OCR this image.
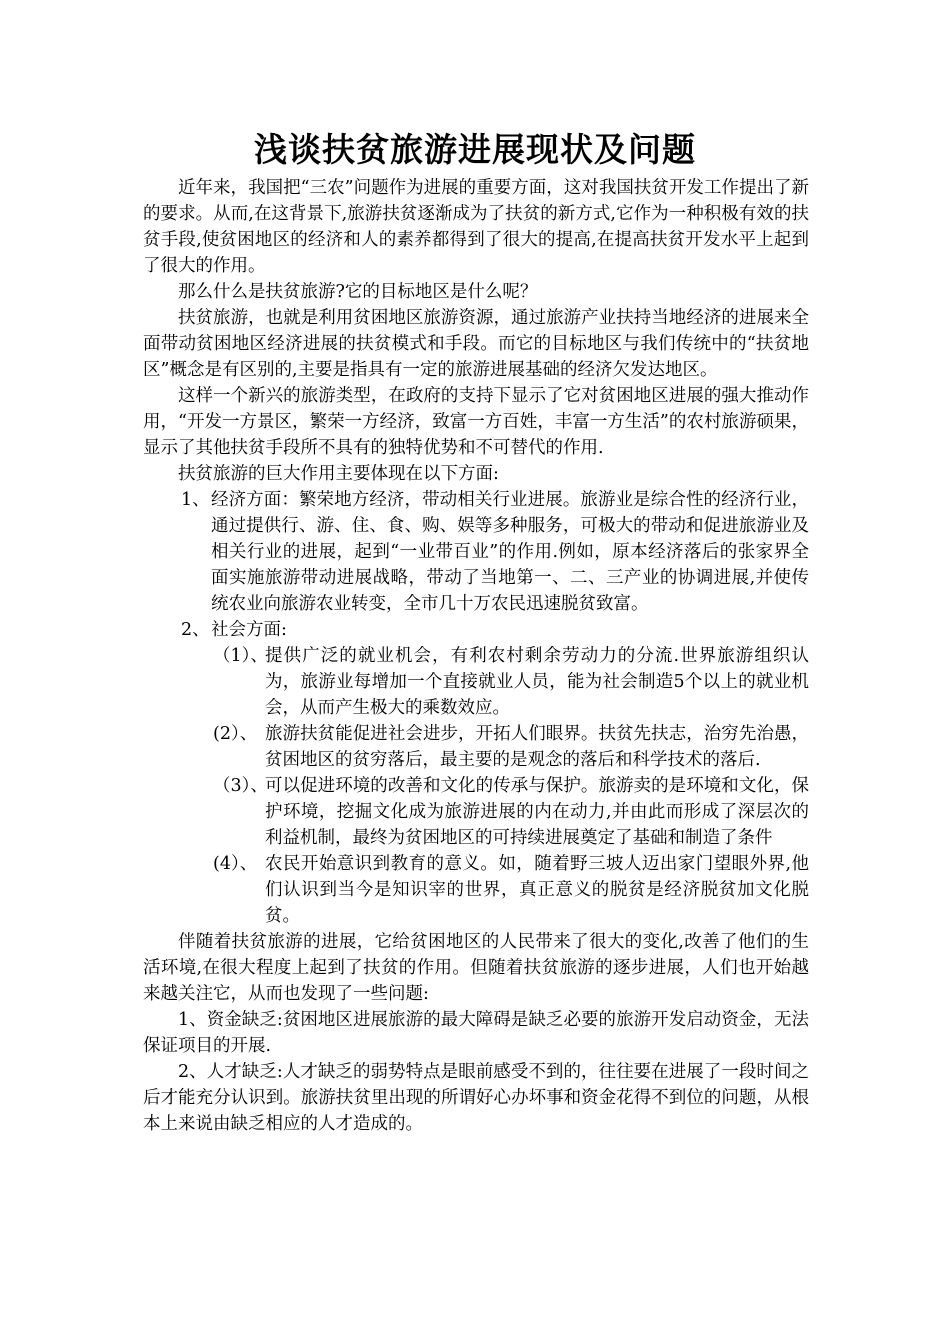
浅谈扶贫旅游进展现状及问题

近年来，我国把“三农”问题作为进展的重要方面，这对我国扶贫开发工作提出了新的要求。从而,在这背景下,旅游扶贫逐渐成为了扶贫的新方式,它作为一种积极有效的扶贫手段,使贫困地区的经济和人的素养都得到了很大的提高,在提高扶贫开发水平上起到了很大的作用。

那么什么是扶贫旅游?它的目标地区是什么呢？

扶贫旅游，也就是利用贫困地区旅游资源，通过旅游产业扶持当地经济的进展来全面带动贫困地区经济进展的扶贫模式和手段。而它的目标地区与我们传统中的“扶贫地区”概念是有区别的,主要是指具有一定的旅游进展基础的经济欠发达地区。

这样一个新兴的旅游类型，在政府的支持下显示了它对贫困地区进展的强大推动作用，“开发一方景区，繁荣一方经济，致富一方百姓，丰富一方生活”的农村旅游硕果，显示了其他扶贫手段所不具有的独特优势和不可替代的作用.

扶贫旅游的巨大作用主要体现在以下方面:

1、 经济方面：繁荣地方经济，带动相关行业进展。旅游业是综合性的经济行业，通过提供行、游、住、食、购、娱等多种服务，可极大的带动和促进旅游业及相关行业的进展，起到“一业带百业”的作用.例如，原本经济落后的张家界全面实施旅游带动进展战略，带动了当地第一、二、三产业的协调进展,并使传统农业向旅游农业转变，全市几十万农民迅速脱贫致富。
2、 社会方面:
（1）、
提供广泛的就业机会，有利农村剩余劳动力的分流.世界旅游组织认为，旅游业每增加一个直接就业人员，能为社会制造5个以上的就业机会，从而产生极大的乘数效应。
(2）、 旅游扶贫能促进社会进步，开拓人们眼界。扶贫先扶志，治穷先治愚，贫困地区的贫穷落后，最主要的是观念的落后和科学技术的落后.
（3）、
可以促进环境的改善和文化的传承与保护。旅游卖的是环境和文化，保护环境，挖掘文化成为旅游进展的内在动力,并由此而形成了深层次的利益机制，最终为贫困地区的可持续进展奠定了基础和制造了条件
(4）、 农民开始意识到教育的意义。如，随着野三坡人迈出家门望眼外界,他们认识到当今是知识宰的世界，真正意义的脱贫是经济脱贫加文化脱贫。

伴随着扶贫旅游的进展，它给贫困地区的人民带来了很大的变化,改善了他们的生活环境,在很大程度上起到了扶贫的作用。但随着扶贫旅游的逐步进展，人们也开始越来越关注它，从而也发现了一些问题:

1、资金缺乏:贫困地区进展旅游的最大障碍是缺乏必要的旅游开发启动资金，无法保证项目的开展.

2、人才缺乏:人才缺乏的弱势特点是眼前感受不到的，往往要在进展了一段时间之后才能充分认识到。旅游扶贫里出现的所谓好心办坏事和资金花得不到位的问题，从根本上来说由缺乏相应的人才造成的。
